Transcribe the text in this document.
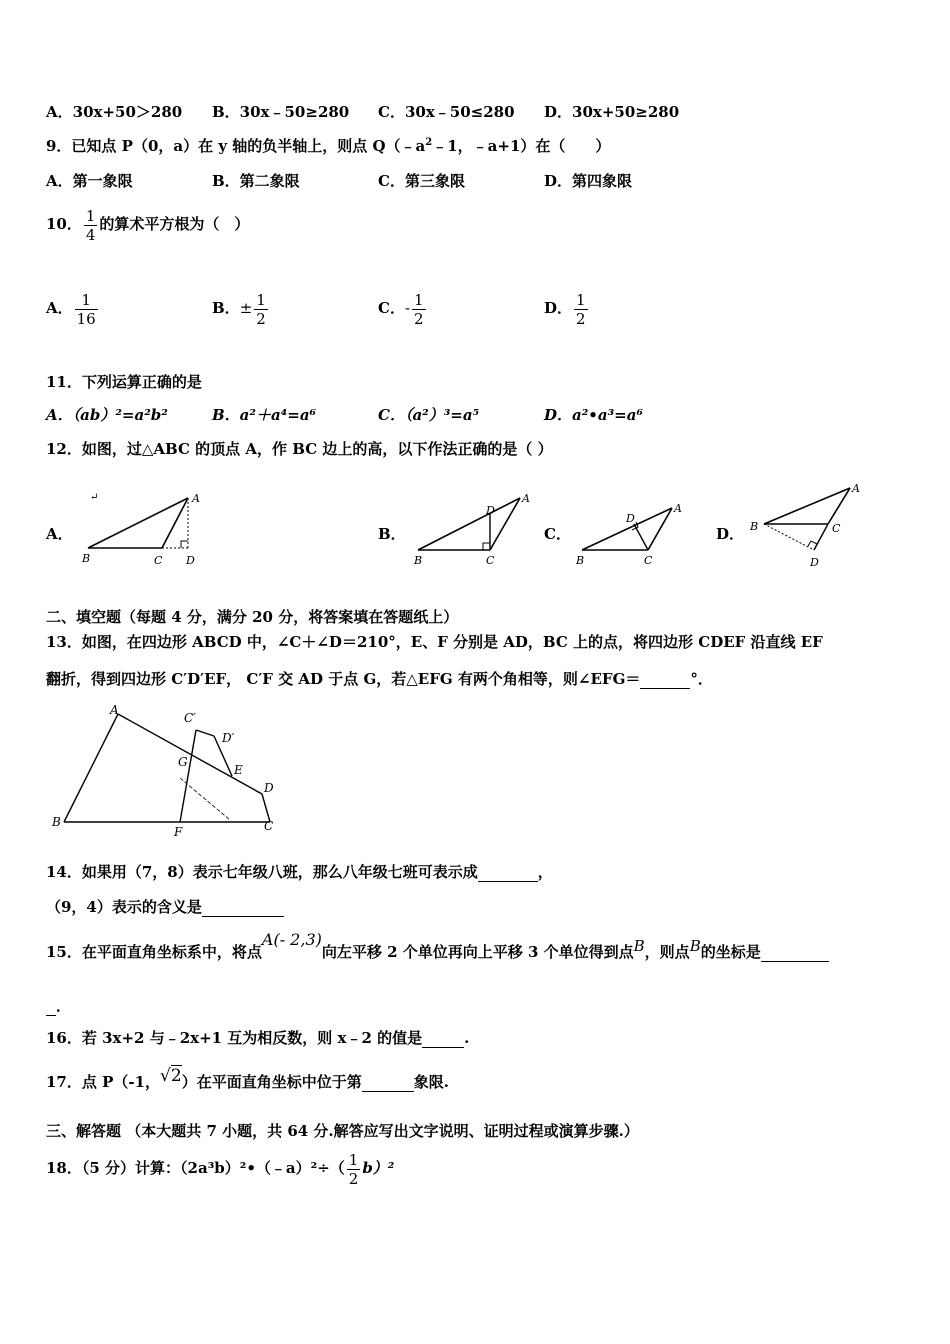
A．30x+50＞280 B．30x﹣50≥280 C．30x﹣50≤280 D．30x+50≥280
9．已知点 P（0，a）在 y 轴的负半轴上，则点 $Q(﹣a^2﹣1$，﹣a+1）在（　　）
A．第一象限	B．第二象限	C．第三象限	D．第四象限
10． $\frac{1}{4}$ 的算术平方根为（　）
A． $\frac{1}{16}$	B．± $\frac{1}{2}$	C．- $\frac{1}{2}$	D． $\frac{1}{2}$
11．下列运算正确的是
A．（ab）²=a²b²	B．a²＋a⁴=a⁶	C．（a²）³=a⁵	D．a²•a³=a⁶
12．如图，过△ABC 的顶点 A，作 BC 边上的高，以下作法正确的是（ ）
A．	B．	C．	D．
↵	A
B	C D
A
B	C
D	A
B	C
D
A
B	C
D
二、填空题（每题 4 分，满分 20 分，将答案填在答题纸上）
13．如图，在四边形 ABCD 中，∠C＋∠D＝210°，E、F 分别是 AD，BC 上的点，将四边形 CDEF 沿直线 EF
翻折，得到四边形 C′D′EF， C′F 交 AD 于点 G，若△EFG 有两个角相等，则∠EFG＝	°．
A
B	C
D
E
F
G
C′
D′
14．如果用（7，8）表示七年级八班，那么八年级七班可表示成	，
（9，4）表示的含义是
15．在平面直角坐标系中，将点A(- 2,3)向左平移 2 个单位再向上平移 3 个单位得到点B，则点B的坐标是
．
16．若 3x+2 与﹣2x+1 互为相反数，则 x﹣2 的值是	.
17．点 P（-1，√2）在平面直角坐标中位于第	象限.
三、解答题 （本大题共 7 小题，共 64 分.解答应写出文字说明、证明过程或演算步骤.）
18．（5 分）计算：（2a³b）²•（﹣a）²÷（ $\frac{1}{2} b)^2$
